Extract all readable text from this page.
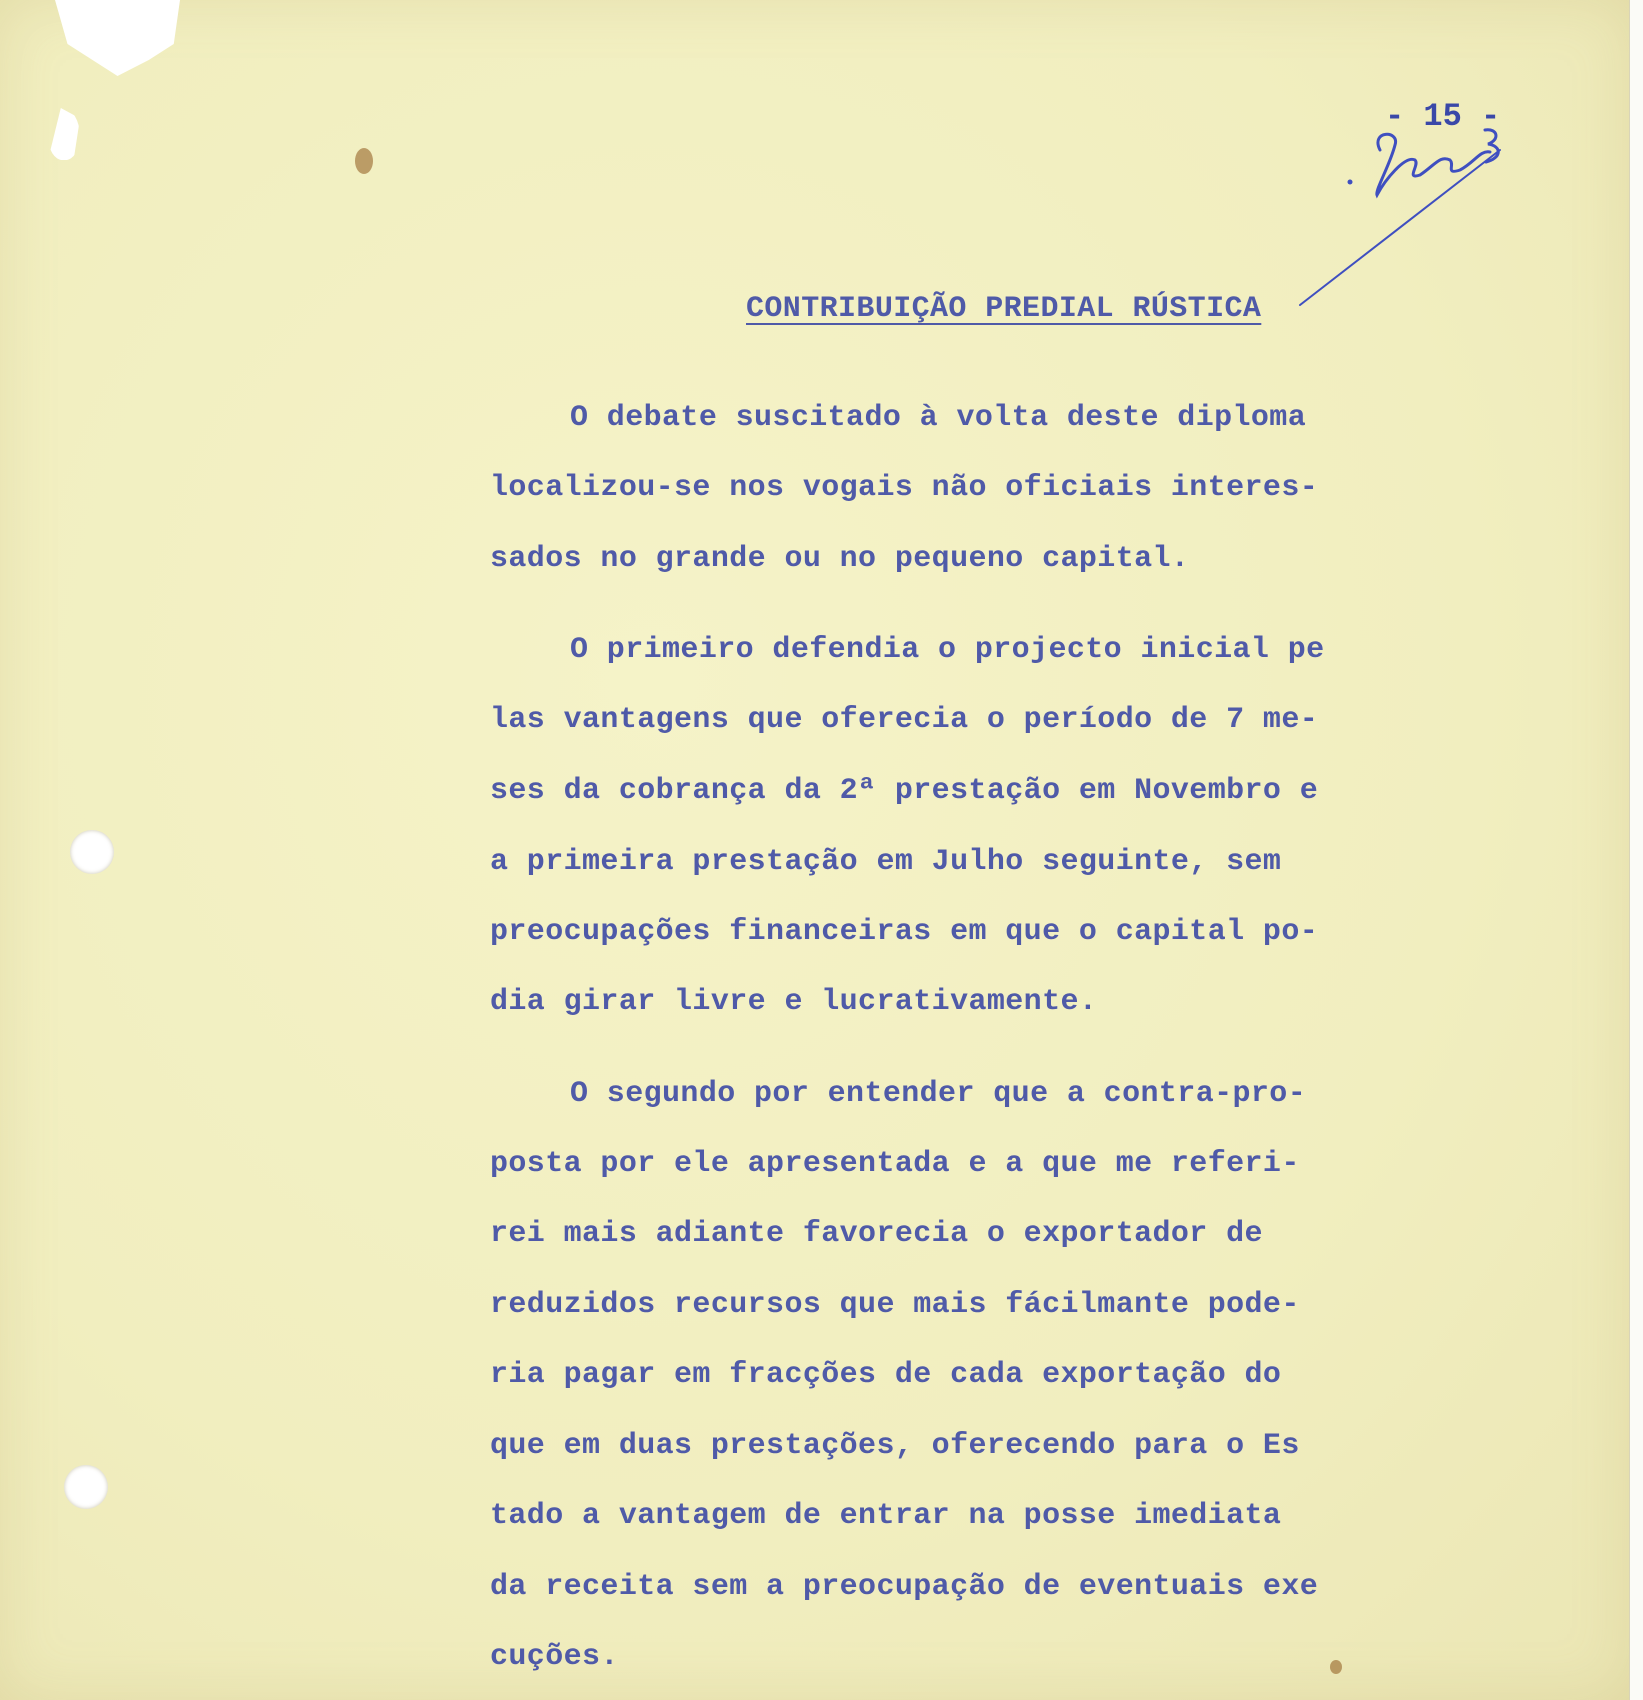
- 15 -
CONTRIBUIÇÃO PREDIAL RÚSTICA
O debate suscitado à volta deste diploma
localizou-se nos vogais não oficiais interes-
sados no grande ou no pequeno capital.
O primeiro defendia o projecto inicial pe
las vantagens que oferecia o período de 7 me-
ses da cobrança da 2ª prestação em Novembro e
a primeira prestação em Julho seguinte, sem
preocupações financeiras em que o capital po-
dia girar livre e lucrativamente.
O segundo por entender que a contra-pro-
posta por ele apresentada e a que me referi-
rei mais adiante favorecia o exportador de
reduzidos recursos que mais fácilmante pode-
ria pagar em fracções de cada exportação do
que em duas prestações, oferecendo para o Es
tado a vantagem de entrar na posse imediata
da receita sem a preocupação de eventuais exe
cuções.
